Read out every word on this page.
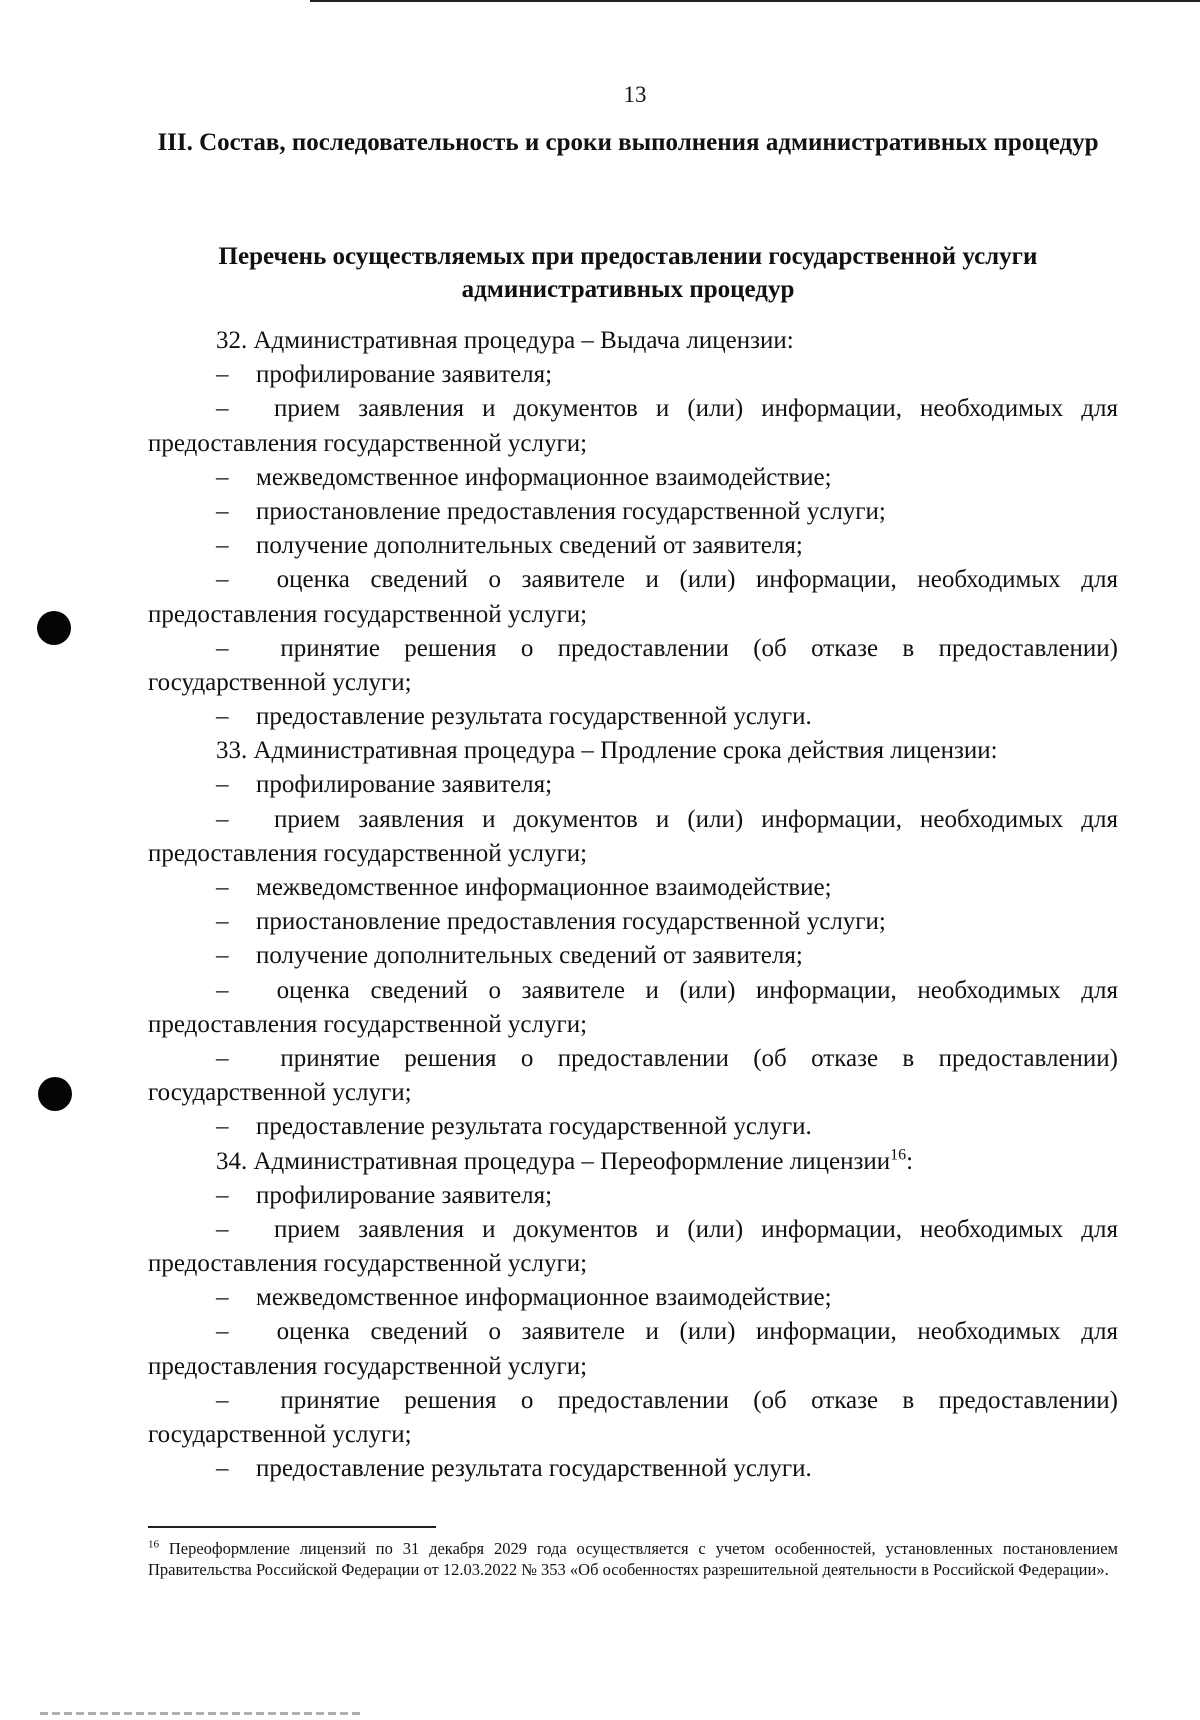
13
III. Состав, последовательность и сроки выполнения административных процедур
Перечень осуществляемых при предоставлении государственной услуги административных процедур
32. Административная процедура – Выдача лицензии:
– профилирование заявителя;
– прием заявления и документов и (или) информации, необходимых для
предоставления государственной услуги;
– межведомственное информационное взаимодействие;
– приостановление предоставления государственной услуги;
– получение дополнительных сведений от заявителя;
– оценка сведений о заявителе и (или) информации, необходимых для
предоставления государственной услуги;
– принятие решения о предоставлении (об отказе в предоставлении)
государственной услуги;
– предоставление результата государственной услуги.
33. Административная процедура – Продление срока действия лицензии:
– профилирование заявителя;
– прием заявления и документов и (или) информации, необходимых для
предоставления государственной услуги;
– межведомственное информационное взаимодействие;
– приостановление предоставления государственной услуги;
– получение дополнительных сведений от заявителя;
– оценка сведений о заявителе и (или) информации, необходимых для
предоставления государственной услуги;
– принятие решения о предоставлении (об отказе в предоставлении)
государственной услуги;
– предоставление результата государственной услуги.
34. Административная процедура – Переоформление лицензии$^{16}$:
– профилирование заявителя;
– прием заявления и документов и (или) информации, необходимых для
предоставления государственной услуги;
– межведомственное информационное взаимодействие;
– оценка сведений о заявителе и (или) информации, необходимых для
предоставления государственной услуги;
– принятие решения о предоставлении (об отказе в предоставлении)
государственной услуги;
– предоставление результата государственной услуги.

$^{16}$ Переоформление лицензий по 31 декабря 2029 года осуществляется с учетом особенностей, установленных постановлением Правительства Российской Федерации от 12.03.2022 № 353 «Об особенностях разрешительной деятельности в Российской Федерации».
